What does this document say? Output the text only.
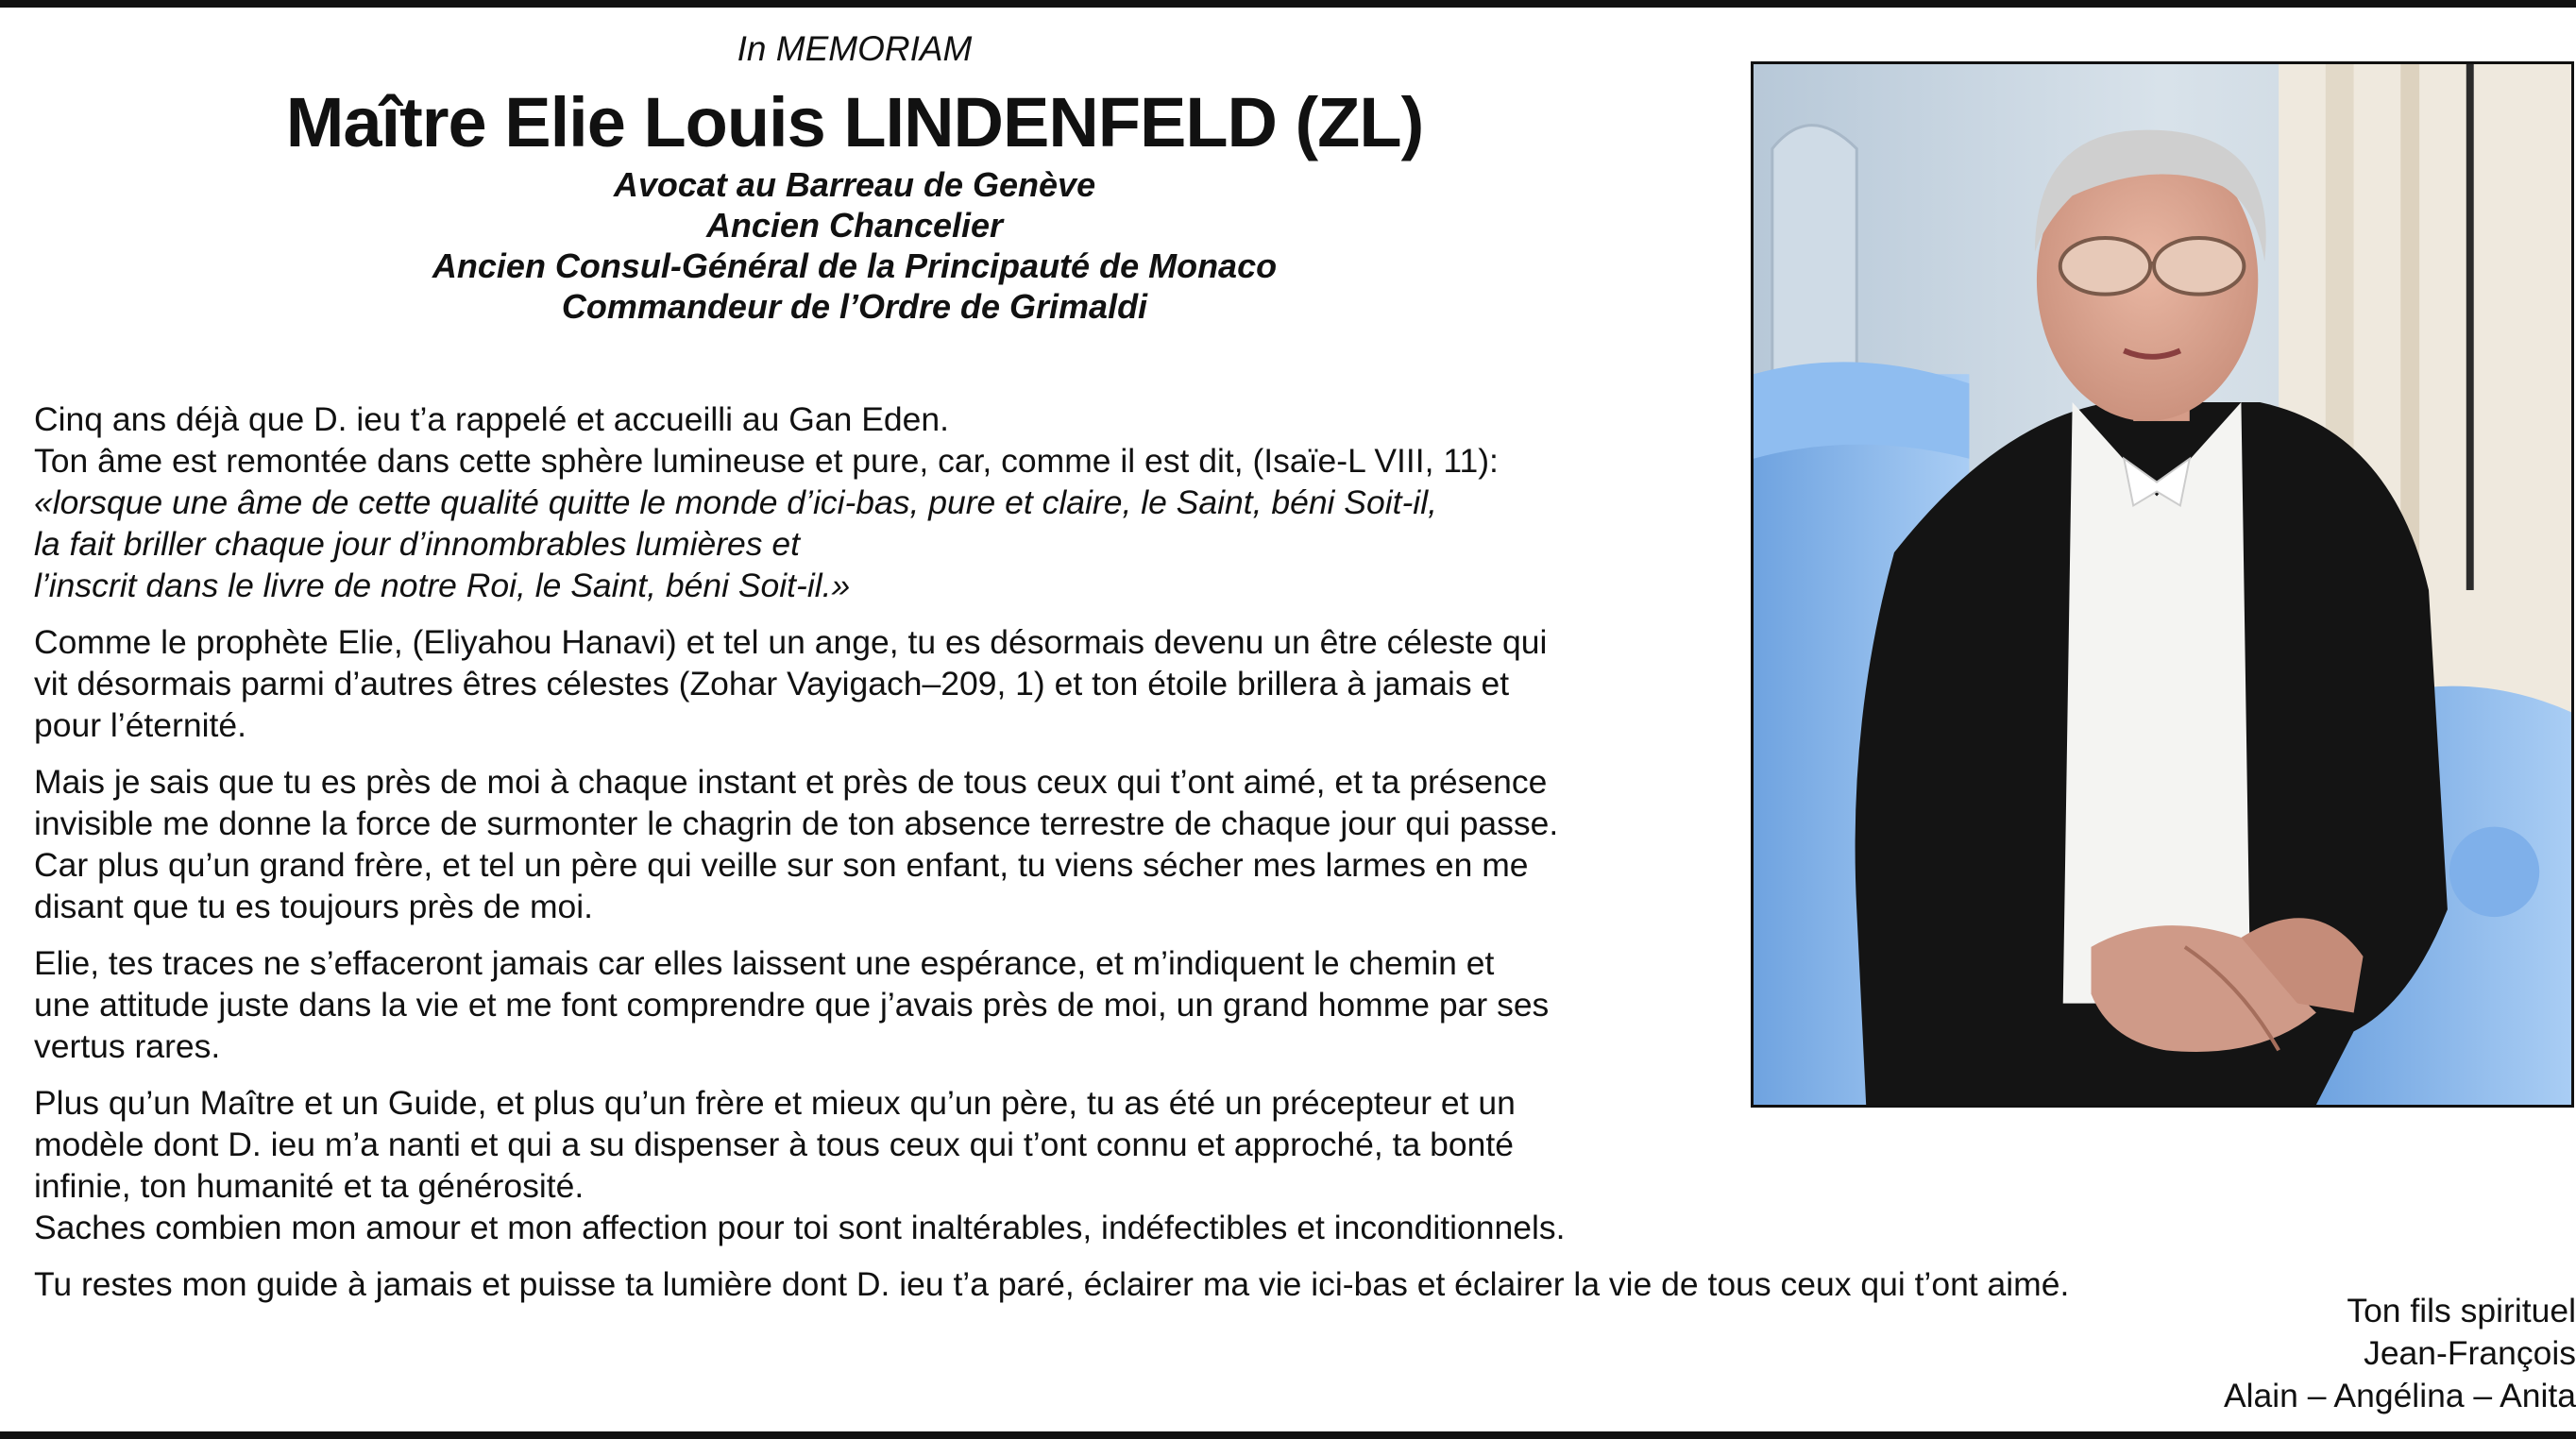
In MEMORIAM
Maître Elie Louis LINDENFELD (ZL)
Avocat au Barreau de Genève
Ancien Chancelier
Ancien Consul-Général de la Principauté de Monaco
Commandeur de l’Ordre de Grimaldi

Cinq ans déjà que D. ieu t’a rappelé et accueilli au Gan Eden.
Ton âme est remontée dans cette sphère lumineuse et pure, car, comme il est dit, (Isaïe-L VIII, 11):
«lorsque une âme de cette qualité quitte le monde d’ici-bas, pure et claire, le Saint, béni Soit-il,
la fait briller chaque jour d’innombrables lumières et
l’inscrit dans le livre de notre Roi, le Saint, béni Soit-il.»

Comme le prophète Elie, (Eliyahou Hanavi) et tel un ange, tu es désormais devenu un être céleste qui
vit désormais parmi d’autres êtres célestes (Zohar Vayigach–209, 1) et ton étoile brillera à jamais et
pour l’éternité.

Mais je sais que tu es près de moi à chaque instant et près de tous ceux qui t’ont aimé, et ta présence
invisible me donne la force de surmonter le chagrin de ton absence terrestre de chaque jour qui passe.
Car plus qu’un grand frère, et tel un père qui veille sur son enfant, tu viens sécher mes larmes en me
disant que tu es toujours près de moi.

Elie, tes traces ne s’effaceront jamais car elles laissent une espérance, et m’indiquent le chemin et
une attitude juste dans la vie et me font comprendre que j’avais près de moi, un grand homme par ses
vertus rares.

Plus qu’un Maître et un Guide, et plus qu’un frère et mieux qu’un père, tu as été un précepteur et un
modèle dont D. ieu m’a nanti et qui a su dispenser à tous ceux qui t’ont connu et approché, ta bonté
infinie, ton humanité et ta générosité.
Saches combien mon amour et mon affection pour toi sont inaltérables, indéfectibles et inconditionnels.

Tu restes mon guide à jamais et puisse ta lumière dont D. ieu t’a paré, éclairer ma vie ici-bas et éclairer la vie de tous ceux qui t’ont aimé.

Ton fils spirituel
Jean-François
Alain – Angélina – Anita
